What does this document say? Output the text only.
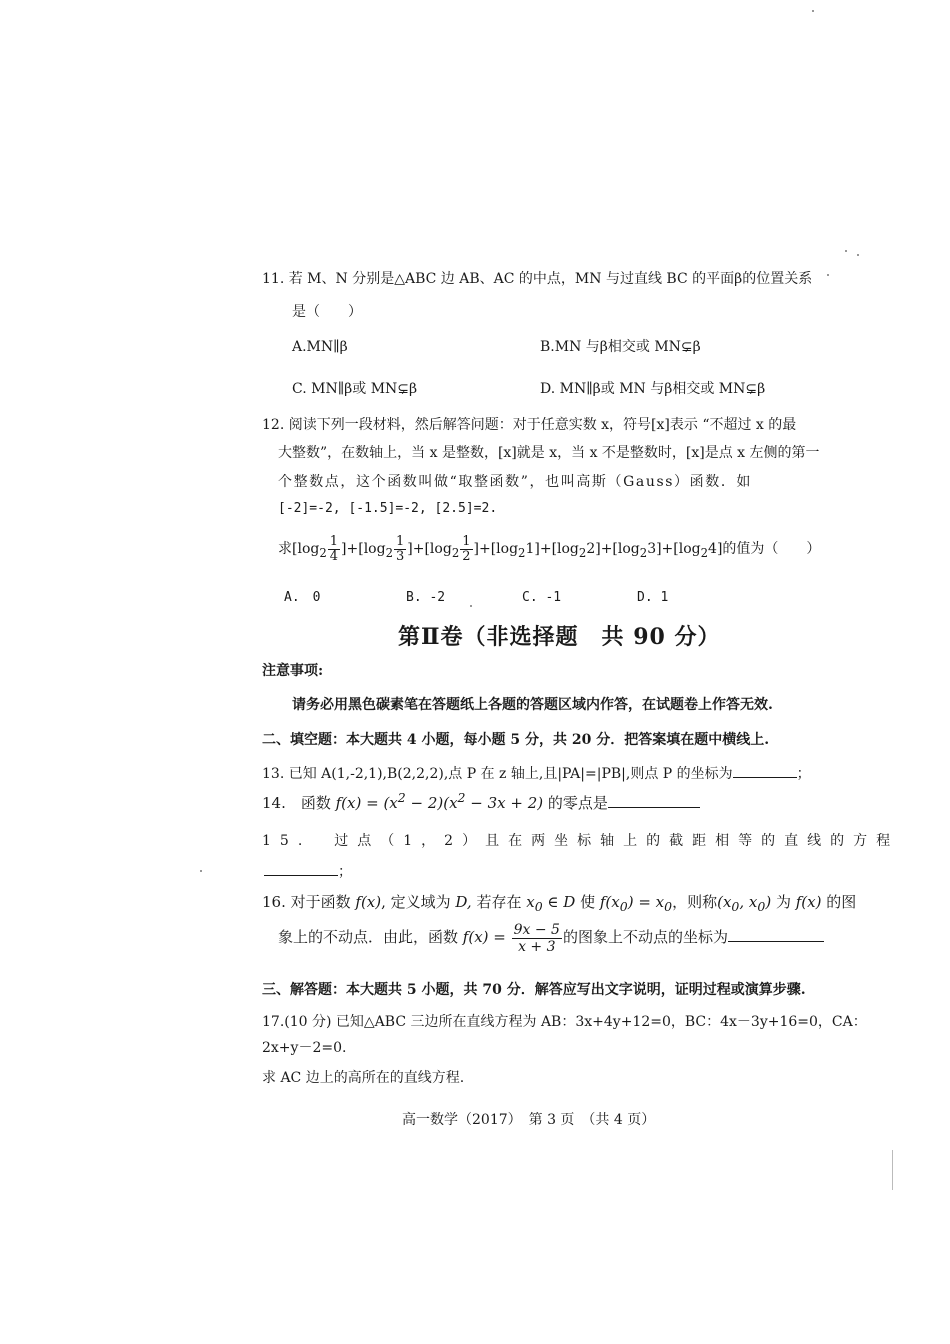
11. 若 M、N 分别是△ABC 边 AB、AC 的中点，MN 与过直线 BC 的平面β的位置关系
是（　　）
A.MN∥β	B.MN 与β相交或 MN⊊β
C. MN∥β或 MN⊊β	D. MN∥β或 MN 与β相交或 MN⊊β
12. 阅读下列一段材料，然后解答问题：对于任意实数 x，符号[x]表示 “不超过 x 的最
大整数”，在数轴上，当 x 是整数，[x]就是 x，当 x 不是整数时，[x]是点 x 左侧的第一
个整数点，这个函数叫做“取整函数”，也叫高斯（Gauss）函数．如
[-2]=-2, [-1.5]=-2, [2.5]=2.
求$[\log_2 \frac{1}{4} ]+[\log_2 \frac{1}{3} ]+[\log_2 \frac{1}{2} ]+[\log_21]+[\log_22]+[\log_23]+[\log_24]$的值为（　　）
A.　0	B. -2	C. -1	D. 1
第Ⅱ卷（非选择题　共 90 分）
注意事项:
请务必用黑色碳素笔在答题纸上各题的答题区域内作答，在试题卷上作答无效.
二、填空题：本大题共 4 小题，每小题 5 分，共 20 分．把答案填在题中横线上.
13. 已知 A(1,-2,1),B(2,2,2),点 P 在 z 轴上,且|PA|=|PB|,则点 P 的坐标为	；
14.　函数 $f(x) = (x^2 - 2)(x^2 - 3x + 2)$ 的零点是
15.　过点（1，2）且在两坐标轴上的截距相等的直线的方程
；
16. 对于函数 f(x), 定义域为 D, 若存在 $x_0$ ∈ D 使 $f(x_0) = x_0$，则称($x_0$, $x_0$) 为 f(x) 的图
象上的不动点．由此，函数 $f(x) = \frac{9x - 5}{x + 3}$ 的图象上不动点的坐标为
三、解答题：本大题共 5 小题，共 70 分．解答应写出文字说明，证明过程或演算步骤.
17.(10 分) 已知△ABC 三边所在直线方程为 AB：3x+4y+12=0，BC：4x－3y+16=0，CA：
2x+y－2=0.
求 AC 边上的高所在的直线方程.
高一数学（2017）　第 3 页　（共 4 页）
